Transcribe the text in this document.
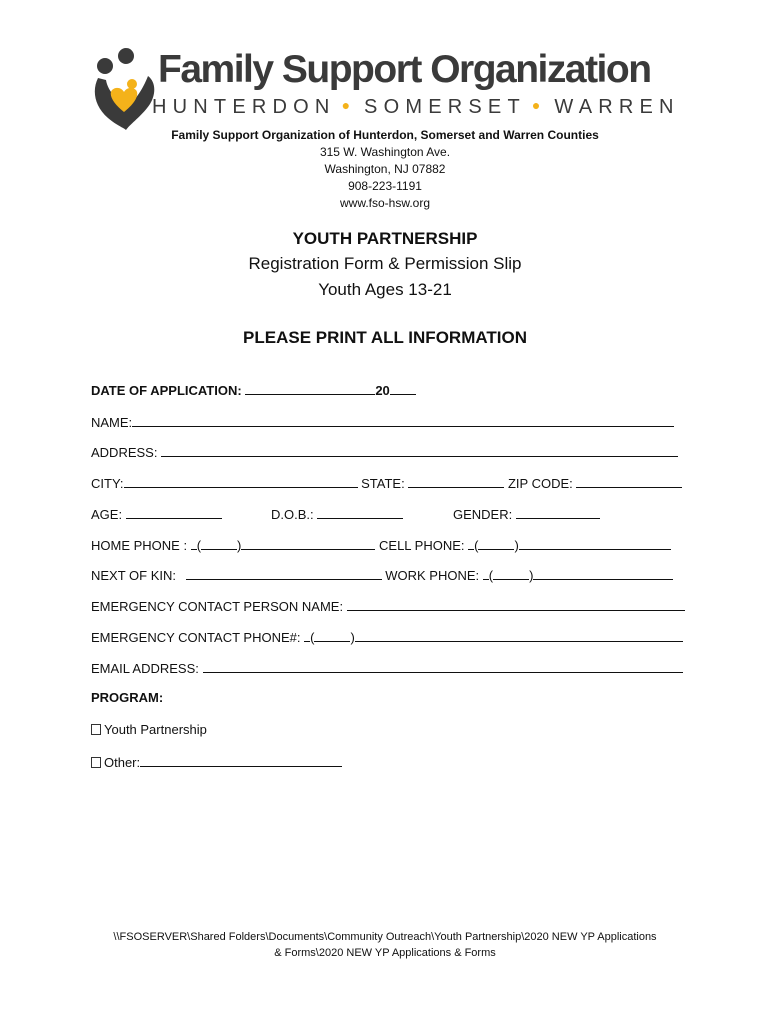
Family Support Organization
HUNTERDON ● SOMERSET ● WARREN
Family Support Organization of Hunterdon, Somerset and Warren Counties
315 W. Washington Ave.
Washington, NJ 07882
908-223-1191
www.fso-hsw.org
YOUTH PARTNERSHIP
Registration Form & Permission Slip
Youth Ages 13-21
PLEASE PRINT ALL INFORMATION
DATE OF APPLICATION:	20
NAME:
ADDRESS:
CITY:	STATE:	ZIP CODE:
AGE:	D.O.B.:	GENDER:
HOME PHONE : (	)	CELL PHONE: (	)
NEXT OF KIN:	WORK PHONE: (	)
EMERGENCY CONTACT PERSON NAME:
EMERGENCY CONTACT PHONE#: (	)
EMAIL ADDRESS:
PROGRAM:
Youth Partnership
Other:
\\FSOSERVER\Shared Folders\Documents\Community Outreach\Youth Partnership\2020 NEW YP Applications
& Forms\2020 NEW YP Applications & Forms
